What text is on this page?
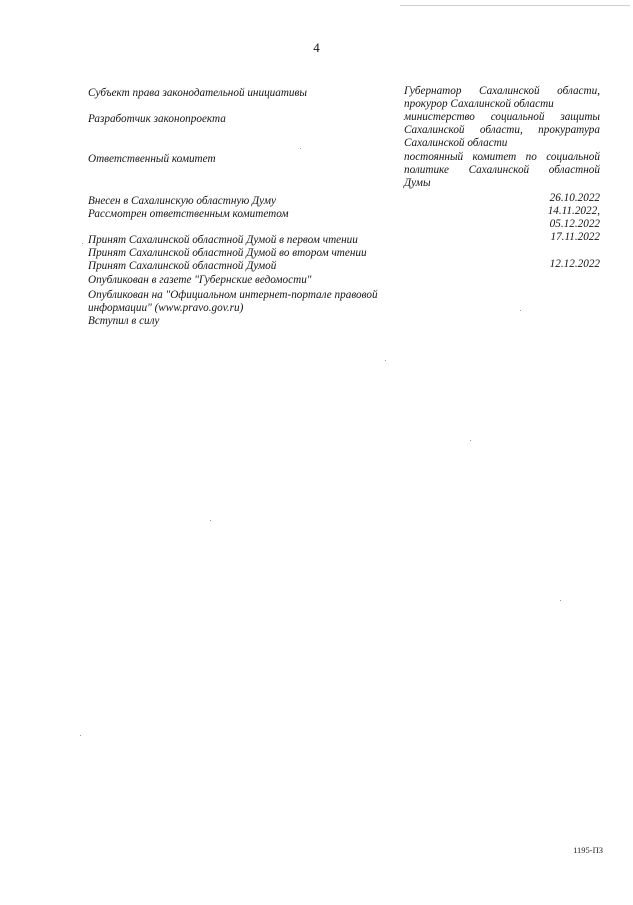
4
Субъект права законодательной инициативы
Разработчик законопроекта
Ответственный комитет
Внесен в Сахалинскую областную Думу
Рассмотрен ответственным комитетом
Принят Сахалинской областной Думой в первом чтении
Принят Сахалинской областной Думой во втором чтении
Принят Сахалинской областной Думой
Опубликован в газете "Губернские ведомости"
Опубликован на "Официальном интернет-портале правовой
информации" (www.pravo.gov.ru)
Вступил в силу
Губернатор Сахалинской области,
прокурор Сахалинской области
министерство социальной защиты
Сахалинской области, прокуратура
Сахалинской области
постоянный комитет по социальной
политике Сахалинской областной
Думы
26.10.2022
14.11.2022,
05.12.2022
17.11.2022
12.12.2022
1195-ПЗ
